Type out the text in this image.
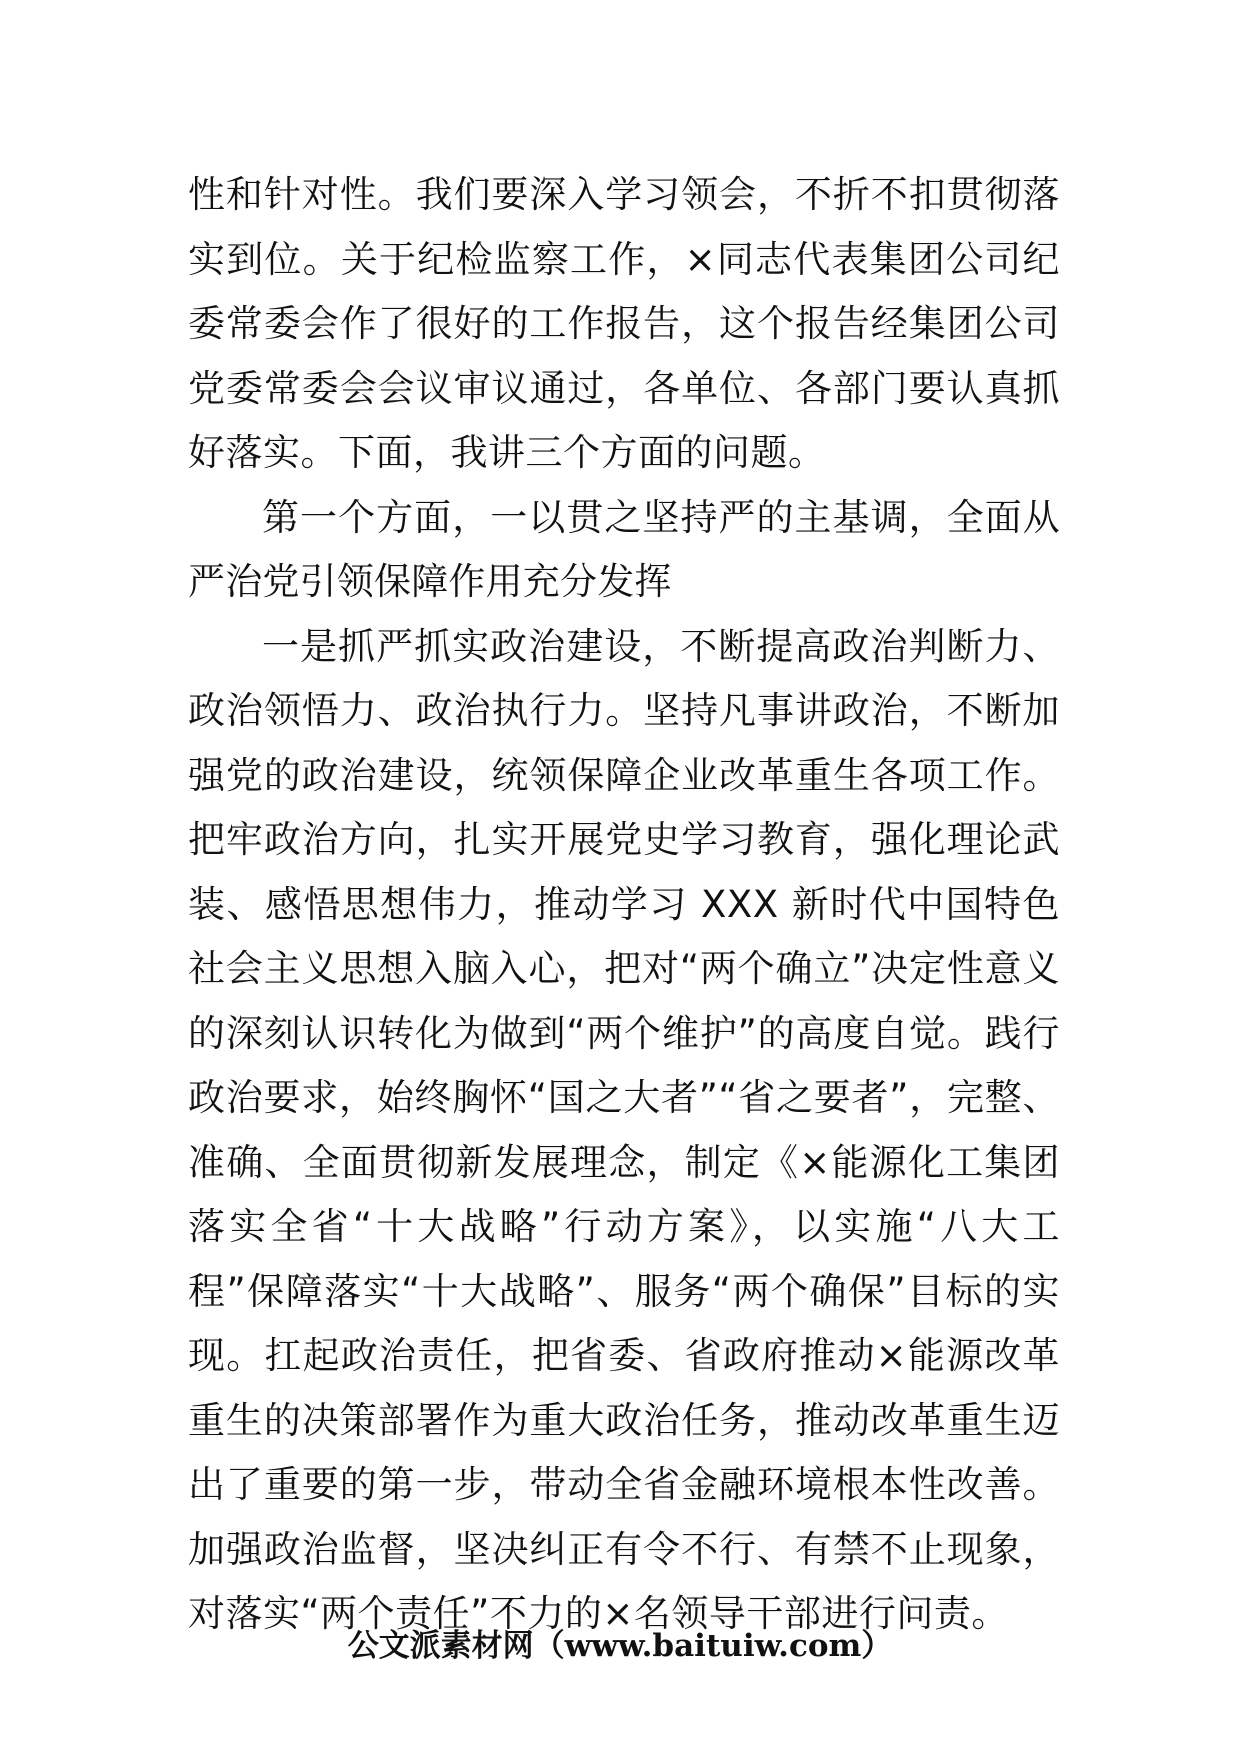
性和针对性。我们要深入学习领会，不折不扣贯彻落实到位。关于纪检监察工作，×同志代表集团公司纪委常委会作了很好的工作报告，这个报告经集团公司党委常委会会议审议通过，各单位、各部门要认真抓好落实。下面，我讲三个方面的问题。

第一个方面，一以贯之坚持严的主基调，全面从严治党引领保障作用充分发挥

一是抓严抓实政治建设，不断提高政治判断力、政治领悟力、政治执行力。坚持凡事讲政治，不断加强党的政治建设，统领保障企业改革重生各项工作。把牢政治方向，扎实开展党史学习教育，强化理论武装、感悟思想伟力，推动学习 XXX 新时代中国特色社会主义思想入脑入心，把对“两个确立”决定性意义的深刻认识转化为做到“两个维护”的高度自觉。践行政治要求，始终胸怀“国之大者”“省之要者”，完整、准确、全面贯彻新发展理念，制定《×能源化工集团落实全省“十大战略”行动方案》，以实施“八大工程”保障落实“十大战略”、服务“两个确保”目标的实现。扛起政治责任，把省委、省政府推动×能源改革重生的决策部署作为重大政治任务，推动改革重生迈出了重要的第一步，带动全省金融环境根本性改善。加强政治监督，坚决纠正有令不行、有禁不止现象，对落实“两个责任”不力的×名领导干部进行问责。

公文派素材网（www.baituiw.com）
